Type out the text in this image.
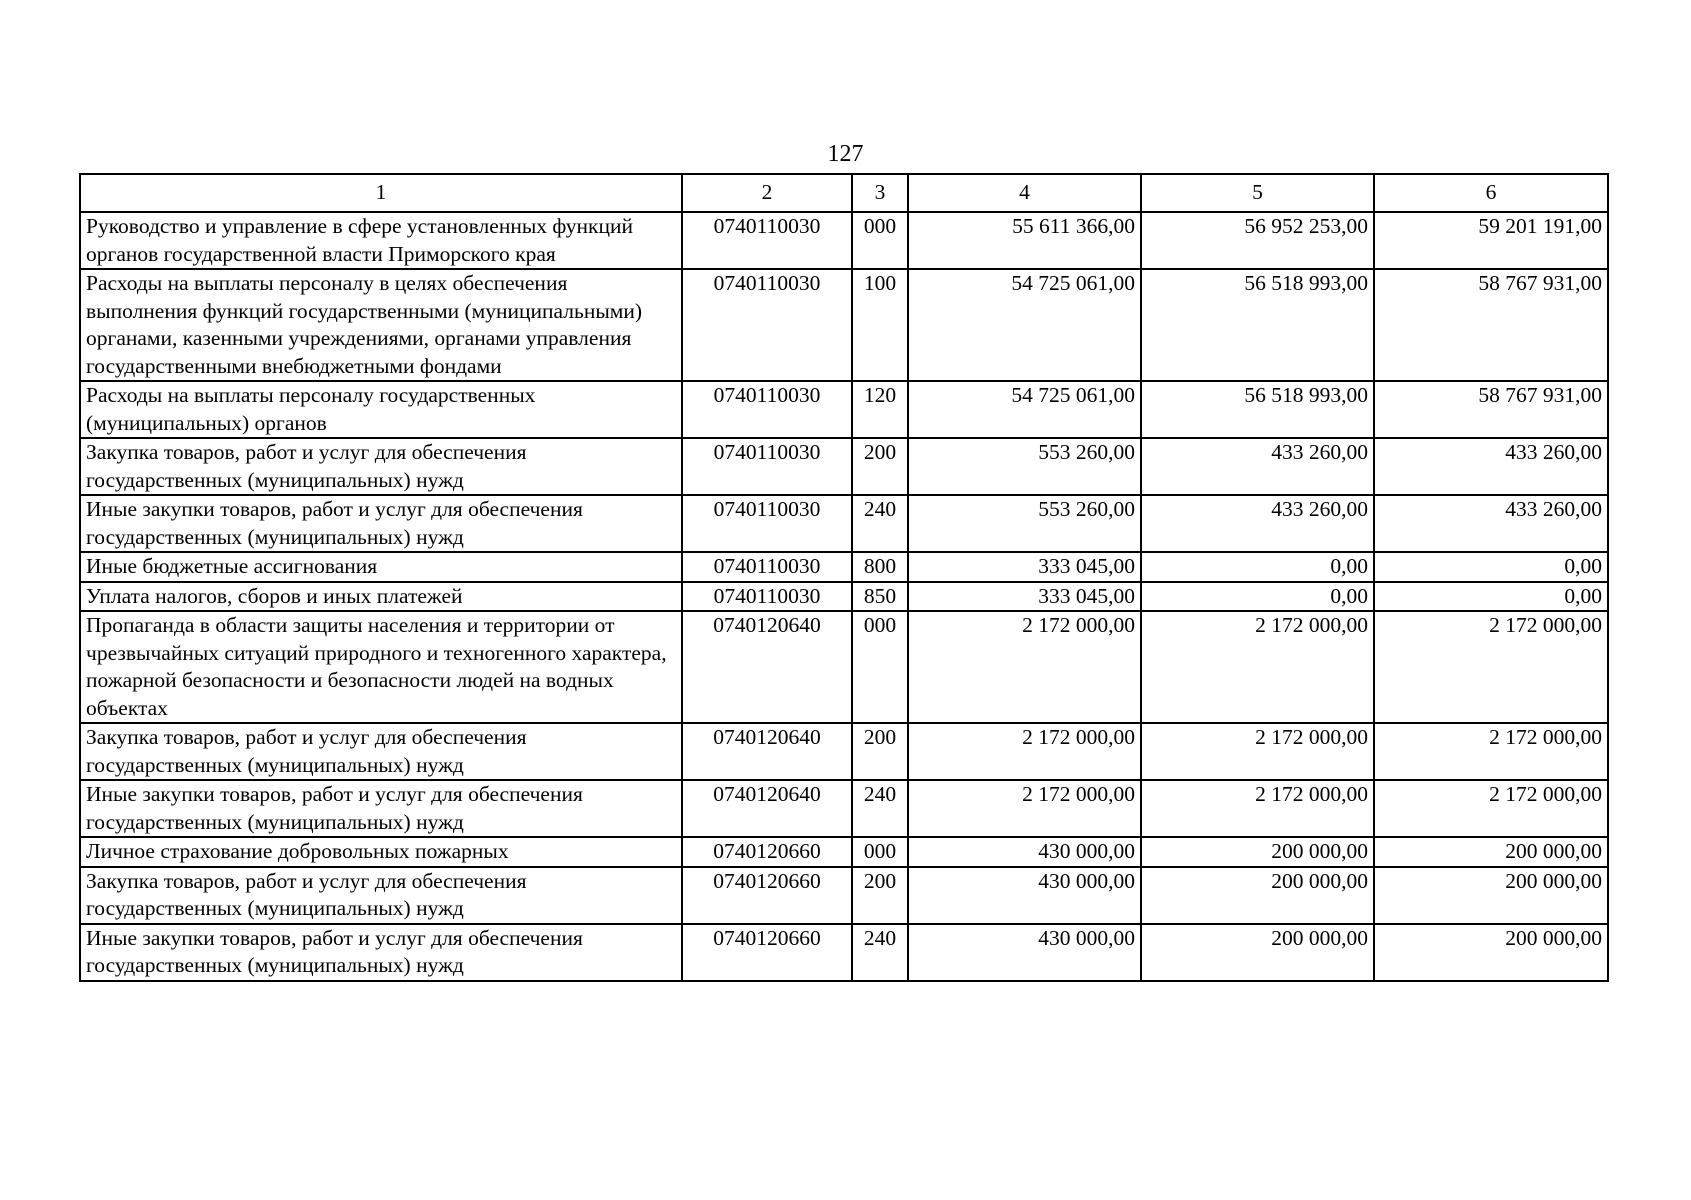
127
1	2	3	4	5	6
Руководство и управление в сфере установленных функций органов государственной власти Приморского края	0740110030	000	55 611 366,00	56 952 253,00	59 201 191,00
Расходы на выплаты персоналу в целях обеспечения выполнения функций государственными (муниципальными) органами, казенными учреждениями, органами управления государственными внебюджетными фондами	0740110030	100	54 725 061,00	56 518 993,00	58 767 931,00
Расходы на выплаты персоналу государственных (муниципальных) органов	0740110030	120	54 725 061,00	56 518 993,00	58 767 931,00
Закупка товаров, работ и услуг для обеспечения государственных (муниципальных) нужд	0740110030	200	553 260,00	433 260,00	433 260,00
Иные закупки товаров, работ и услуг для обеспечения государственных (муниципальных) нужд	0740110030	240	553 260,00	433 260,00	433 260,00
Иные бюджетные ассигнования	0740110030	800	333 045,00	0,00	0,00
Уплата налогов, сборов и иных платежей	0740110030	850	333 045,00	0,00	0,00
Пропаганда в области защиты населения и территории от чрезвычайных ситуаций природного и техногенного характера, пожарной безопасности и безопасности людей на водных объектах	0740120640	000	2 172 000,00	2 172 000,00	2 172 000,00
Закупка товаров, работ и услуг для обеспечения государственных (муниципальных) нужд	0740120640	200	2 172 000,00	2 172 000,00	2 172 000,00
Иные закупки товаров, работ и услуг для обеспечения государственных (муниципальных) нужд	0740120640	240	2 172 000,00	2 172 000,00	2 172 000,00
Личное страхование добровольных пожарных	0740120660	000	430 000,00	200 000,00	200 000,00
Закупка товаров, работ и услуг для обеспечения государственных (муниципальных) нужд	0740120660	200	430 000,00	200 000,00	200 000,00
Иные закупки товаров, работ и услуг для обеспечения государственных (муниципальных) нужд	0740120660	240	430 000,00	200 000,00	200 000,00
